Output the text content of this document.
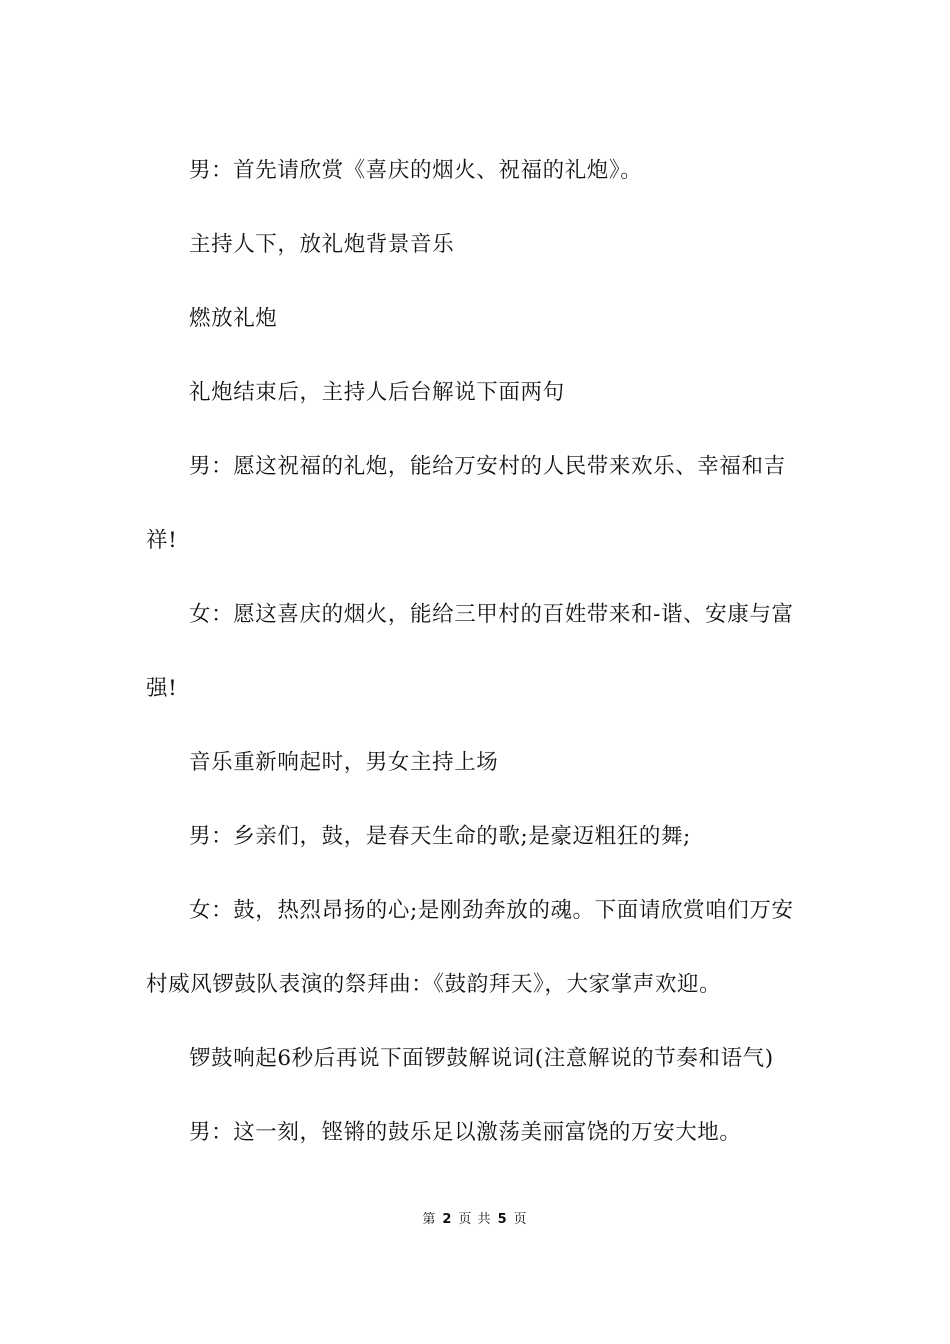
男：首先请欣赏《喜庆的烟火、祝福的礼炮》。

主持人下，放礼炮背景音乐

燃放礼炮

礼炮结束后，主持人后台解说下面两句

男：愿这祝福的礼炮，能给万安村的人民带来欢乐、幸福和吉祥!

女：愿这喜庆的烟火，能给三甲村的百姓带来和-谐、安康与富强!

音乐重新响起时，男女主持上场

男：乡亲们，鼓，是春天生命的歌;是豪迈粗狂的舞;

女：鼓，热烈昂扬的心;是刚劲奔放的魂。下面请欣赏咱们万安村威风锣鼓队表演的祭拜曲：《鼓韵拜天》，大家掌声欢迎。

锣鼓响起6秒后再说下面锣鼓解说词(注意解说的节奏和语气)

男：这一刻，铿锵的鼓乐足以激荡美丽富饶的万安大地。

第 2 页 共 5 页
